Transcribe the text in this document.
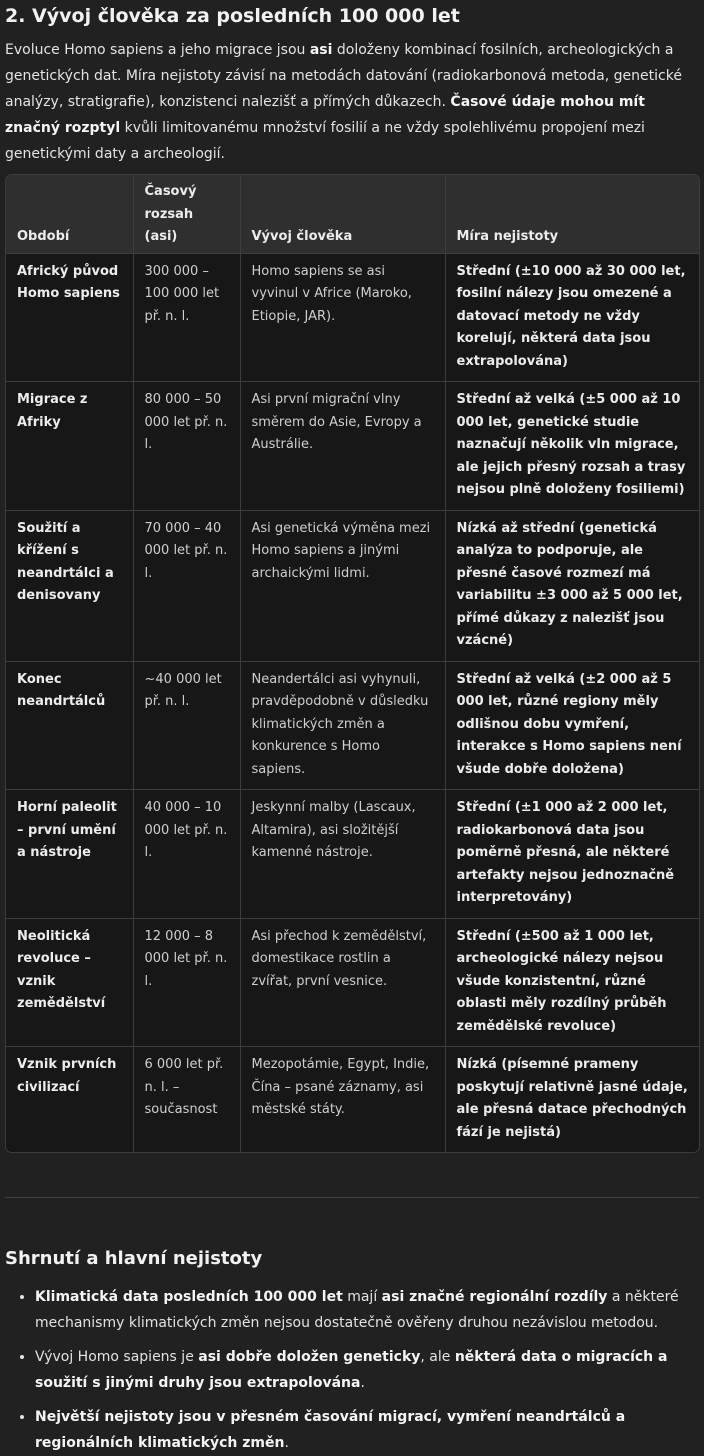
2. Vývoj člověka za posledních 100 000 let

Evoluce Homo sapiens a jeho migrace jsou asi doloženy kombinací fosilních, archeologických a genetických dat. Míra nejistoty závisí na metodách datování (radiokarbonová metoda, genetické analýzy, stratigrafie), konzistenci nalezišť a přímých důkazech. Časové údaje mohou mít značný rozptyl kvůli limitovanému množství fosilií a ne vždy spolehlivému propojení mezi genetickými daty a archeologií.

Období	Časový rozsah (asi)	Vývoj člověka	Míra nejistoty
Africký původ Homo sapiens	300 000 – 100 000 let př. n. l.	Homo sapiens se asi vyvinul v Africe (Maroko, Etiopie, JAR).	Střední (±10 000 až 30 000 let, fosilní nálezy jsou omezené a datovací metody ne vždy korelují, některá data jsou extrapolována)
Migrace z Afriky	80 000 – 50 000 let př. n. l.	Asi první migrační vlny směrem do Asie, Evropy a Austrálie.	Střední až velká (±5 000 až 10 000 let, genetické studie naznačují několik vln migrace, ale jejich přesný rozsah a trasy nejsou plně doloženy fosiliemi)
Soužití a křížení s neandrtálci a denisovany	70 000 – 40 000 let př. n. l.	Asi genetická výměna mezi Homo sapiens a jinými archaickými lidmi.	Nízká až střední (genetická analýza to podporuje, ale přesné časové rozmezí má variabilitu ±3 000 až 5 000 let, přímé důkazy z nalezišť jsou vzácné)
Konec neandrtálců	~40 000 let př. n. l.	Neandertálci asi vyhynuli, pravděpodobně v důsledku klimatických změn a konkurence s Homo sapiens.	Střední až velká (±2 000 až 5 000 let, různé regiony měly odlišnou dobu vymření, interakce s Homo sapiens není všude dobře doložena)
Horní paleolit – první umění a nástroje	40 000 – 10 000 let př. n. l.	Jeskynní malby (Lascaux, Altamira), asi složitější kamenné nástroje.	Střední (±1 000 až 2 000 let, radiokarbonová data jsou poměrně přesná, ale některé artefakty nejsou jednoznačně interpretovány)
Neolitická revoluce – vznik zemědělství	12 000 – 8 000 let př. n. l.	Asi přechod k zemědělství, domestikace rostlin a zvířat, první vesnice.	Střední (±500 až 1 000 let, archeologické nálezy nejsou všude konzistentní, různé oblasti měly rozdílný průběh zemědělské revoluce)
Vznik prvních civilizací	6 000 let př. n. l. – současnost	Mezopotámie, Egypt, Indie, Čína – psané záznamy, asi městské státy.	Nízká (písemné prameny poskytují relativně jasné údaje, ale přesná datace přechodných fází je nejistá)
Shrnutí a hlavní nejistoty
• Klimatická data posledních 100 000 let mají asi značné regionální rozdíly a některé mechanismy klimatických změn nejsou dostatečně ověřeny druhou nezávislou metodou.
• Vývoj Homo sapiens je asi dobře doložen geneticky, ale některá data o migracích a soužití s jinými druhy jsou extrapolována.
• Největší nejistoty jsou v přesném časování migrací, vymření neandrtálců a regionálních klimatických změn.
